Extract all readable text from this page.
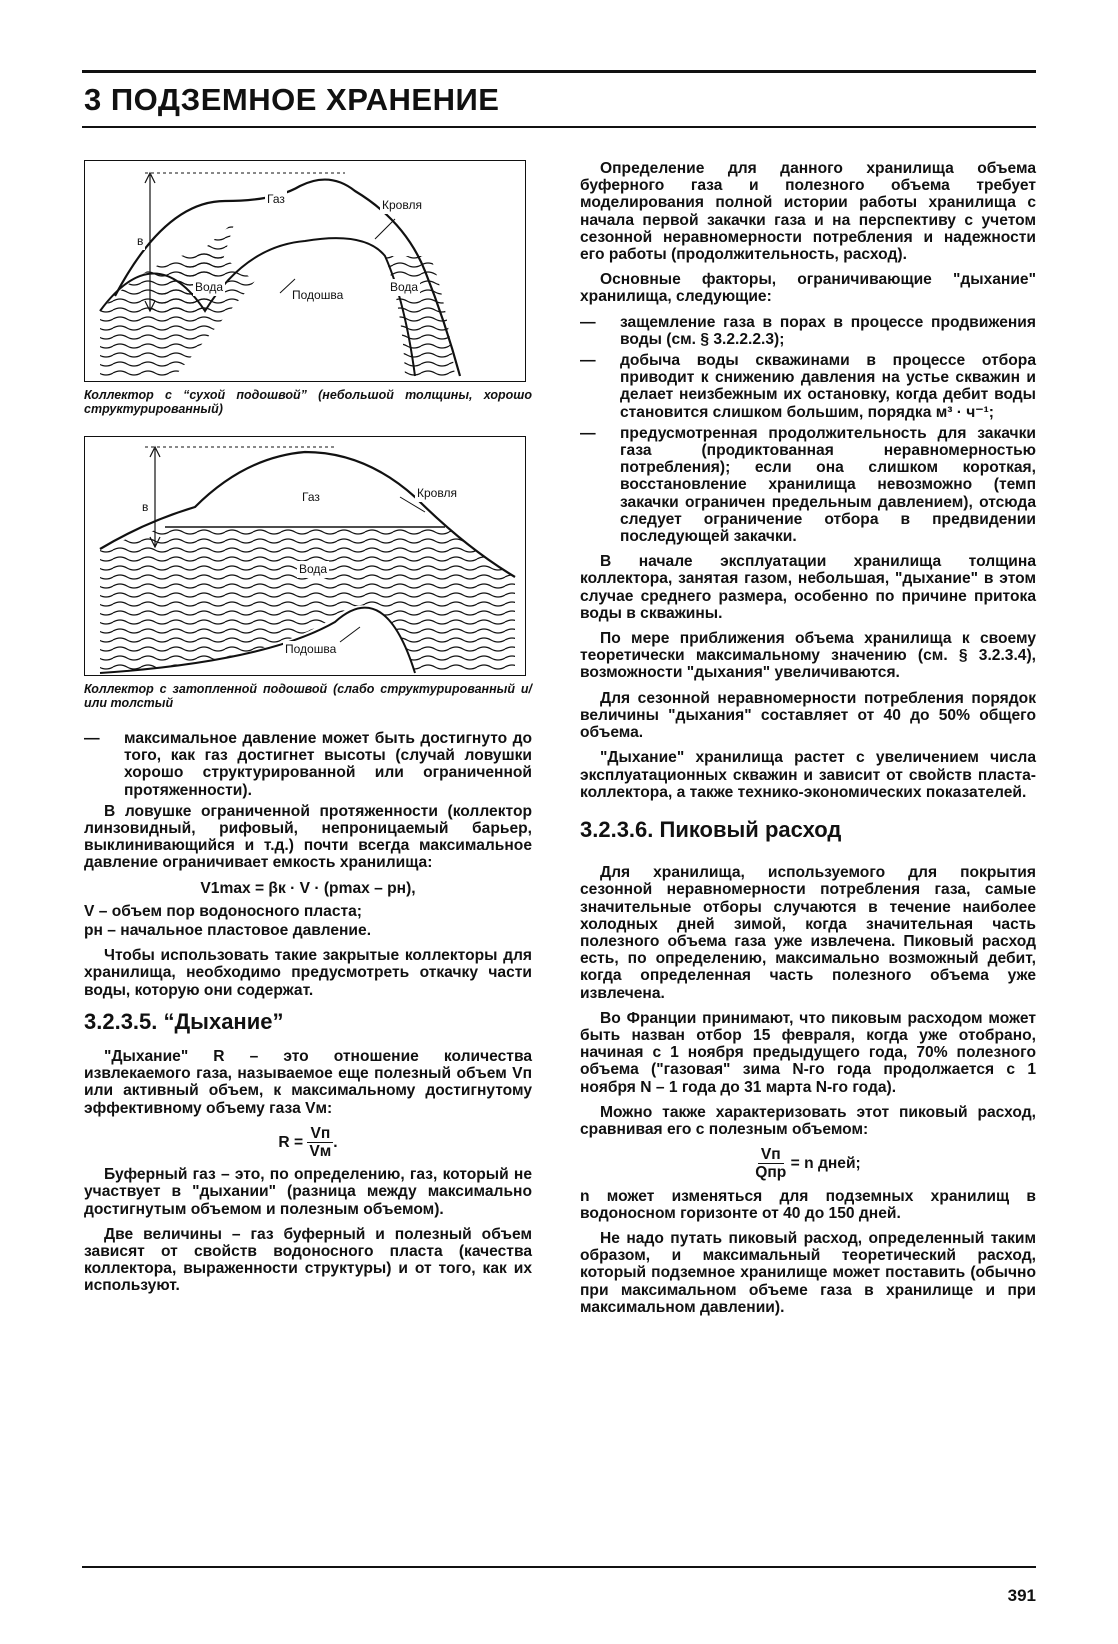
3 ПОДЗЕМНОЕ ХРАНЕНИЕ
Газ	Кровля
в
Вода
Подошва
Вода
Коллектор с “сухой подошвой” (небольшой толщины, хорошо структурированный)
Газ	Кровля
в
Вода
Подошва
Коллектор с затопленной подошвой (слабо структурированный и/или толстый
— максимальное давление может быть достигнуто до того, как газ достигнет высоты (случай ловушки хорошо структурированной или ограниченной протяженности).
В ловушке ограниченной протяженности (коллектор линзовидный, рифовый, непроницаемый барьер, выклинивающийся и т.д.) почти всегда максимальное давление ограничивает емкость хранилища:
V1max = βк · V · (pmax – pн),
V – объем пор водоносного пласта;
pн – начальное пластовое давление.
Чтобы использовать такие закрытые коллекторы для хранилища, необходимо предусмотреть откачку части воды, которую они содержат.
3.2.3.5. “Дыхание”
"Дыхание" R – это отношение количества извлекаемого газа, называемое еще полезный объем Vп или активный объем, к максимальному достигнутому эффективному объему газа Vм:
$R = \frac{Vп}{Vм}$ .
Буферный газ – это, по определению, газ, который не участвует в "дыхании" (разница между максимально достигнутым объемом и полезным объемом).
Две величины – газ буферный и полезный объем зависят от свойств водоносного пласта (качества коллектора, выраженности структуры) и от того, как их используют.
Определение для данного хранилища объема буферного газа и полезного объема требует моделирования полной истории работы хранилища с начала первой закачки газа и на перспективу с учетом сезонной неравномерности потребления и надежности его работы (продолжительность, расход).
Основные факторы, ограничивающие "дыхание" хранилища, следующие:
— защемление газа в порах в процессе продвижения воды (см. § 3.2.2.2.3);
— добыча воды скважинами в процессе отбора приводит к снижению давления на устье скважин и делает неизбежным их остановку, когда дебит воды становится слишком большим, порядка м³ · ч⁻¹;
— предусмотренная продолжительность для закачки газа (продиктованная неравномерностью потребления); если она слишком короткая, восстановление хранилища невозможно (темп закачки ограничен предельным давлением), отсюда следует ограничение отбора в предвидении последующей закачки.
В начале эксплуатации хранилища толщина коллектора, занятая газом, небольшая, "дыхание" в этом случае среднего размера, особенно по причине притока воды в скважины.
По мере приближения объема хранилища к своему теоретически максимальному значению (см. § 3.2.3.4), возможности "дыхания" увеличиваются.
Для сезонной неравномерности потребления порядок величины "дыхания" составляет от 40 до 50% общего объема.
"Дыхание" хранилища растет с увеличением числа эксплуатационных скважин и зависит от свойств пласта-коллектора, а также технико-экономических показателей.
3.2.3.6. Пиковый расход
Для хранилища, используемого для покрытия сезонной неравномерности потребления газа, самые значительные отборы случаются в течение наиболее холодных дней зимой, когда значительная часть полезного объема газа уже извлечена. Пиковый расход есть, по определению, максимально возможный дебит, когда определенная часть полезного объема уже извлечена.
Во Франции принимают, что пиковым расходом может быть назван отбор 15 февраля, когда уже отобрано, начиная с 1 ноября предыдущего года, 70% полезного объема ("газовая" зима N-го года продолжается с 1 ноября N – 1 года до 31 марта N-го года).
Можно также характеризовать этот пиковый расход, сравнивая его с полезным объемом:
$\frac{Vп}{\text{Qпр}} = n$ дней;
n может изменяться для подземных хранилищ в водоносном горизонте от 40 до 150 дней.
Не надо путать пиковый расход, определенный таким образом, и максимальный теоретический расход, который подземное хранилище может поставить (обычно при максимальном объеме газа в хранилище и при максимальном давлении).
391
